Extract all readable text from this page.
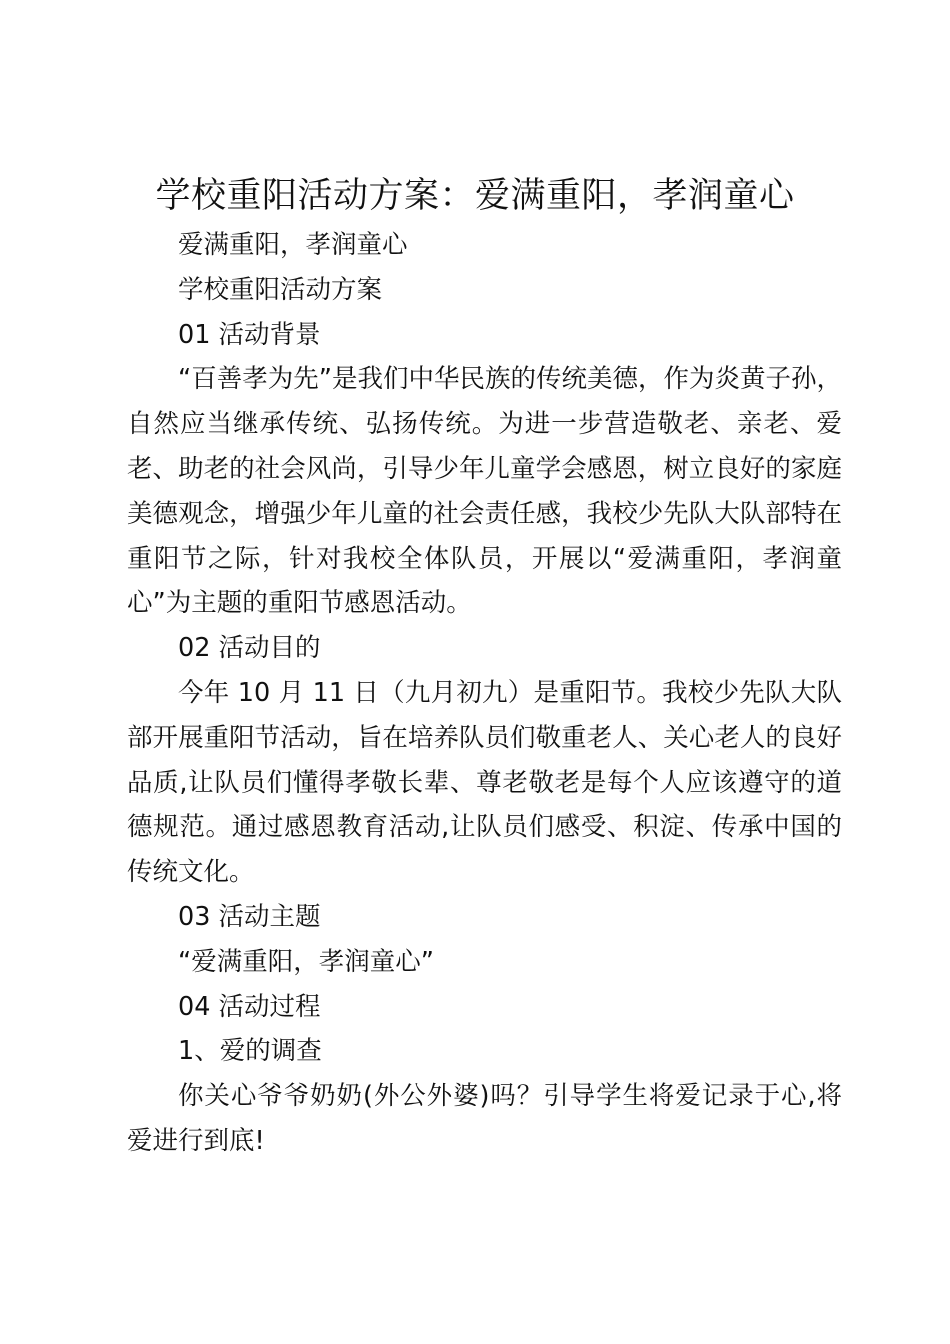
学校重阳活动方案：爱满重阳，孝润童心

爱满重阳，孝润童心

学校重阳活动方案

01 活动背景

“百善孝为先”是我们中华民族的传统美德，作为炎黄子孙，自然应当继承传统、弘扬传统。为进一步营造敬老、亲老、爱老、助老的社会风尚，引导少年儿童学会感恩，树立良好的家庭美德观念，增强少年儿童的社会责任感，我校少先队大队部特在重阳节之际，针对我校全体队员，开展以“爱满重阳，孝润童心”为主题的重阳节感恩活动。

02 活动目的

今年 10 月 11 日（九月初九）是重阳节。我校少先队大队部开展重阳节活动，旨在培养队员们敬重老人、关心老人的良好品质,让队员们懂得孝敬长辈、尊老敬老是每个人应该遵守的道德规范。通过感恩教育活动,让队员们感受、积淀、传承中国的传统文化。

03 活动主题

“爱满重阳，孝润童心”

04 活动过程

1、爱的调查

你关心爷爷奶奶(外公外婆)吗？引导学生将爱记录于心,将爱进行到底!
